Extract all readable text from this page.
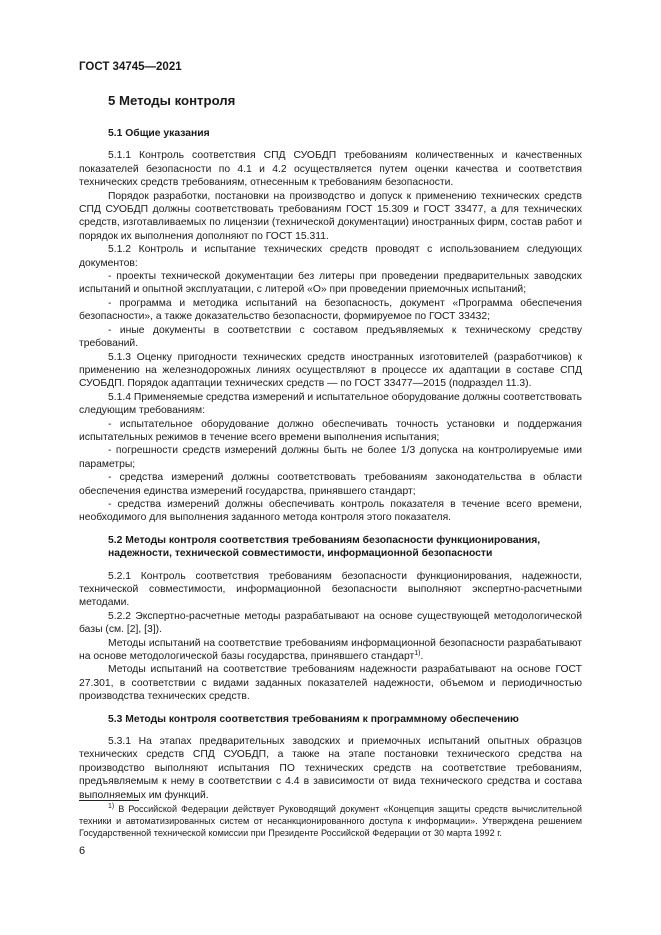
ГОСТ 34745—2021
5 Методы контроля

5.1 Общие указания

5.1.1 Контроль соответствия СПД СУОБДП требованиям количественных и качественных показателей безопасности по 4.1 и 4.2 осуществляется путем оценки качества и соответствия технических средств требованиям, отнесенным к требованиям безопасности.

Порядок разработки, постановки на производство и допуск к применению технических средств СПД СУОБДП должны соответствовать требованиям ГОСТ 15.309 и ГОСТ 33477, а для технических средств, изготавливаемых по лицензии (технической документации) иностранных фирм, состав работ и порядок их выполнения дополняют по ГОСТ 15.311.

5.1.2 Контроль и испытание технических средств проводят с использованием следующих документов:

- проекты технической документации без литеры при проведении предварительных заводских испытаний и опытной эксплуатации, с литерой «О» при проведении приемочных испытаний;

- программа и методика испытаний на безопасность, документ «Программа обеспечения безопасности», а также доказательство безопасности, формируемое по ГОСТ 33432;

- иные документы в соответствии с составом предъявляемых к техническому средству требований.

5.1.3 Оценку пригодности технических средств иностранных изготовителей (разработчиков) к применению на железнодорожных линиях осуществляют в процессе их адаптации в составе СПД СУОБДП. Порядок адаптации технических средств — по ГОСТ 33477—2015 (подраздел 11.3).

5.1.4 Применяемые средства измерений и испытательное оборудование должны соответствовать следующим требованиям:

- испытательное оборудование должно обеспечивать точность установки и поддержания испытательных режимов в течение всего времени выполнения испытания;

- погрешности средств измерений должны быть не более 1/3 допуска на контролируемые ими параметры;

- средства измерений должны соответствовать требованиям законодательства в области обеспечения единства измерений государства, принявшего стандарт;

- средства измерений должны обеспечивать контроль показателя в течение всего времени, необходимого для выполнения заданного метода контроля этого показателя.

5.2 Методы контроля соответствия требованиям безопасности функционирования, надежности, технической совместимости, информационной безопасности

5.2.1 Контроль соответствия требованиям безопасности функционирования, надежности, технической совместимости, информационной безопасности выполняют экспертно-расчетными методами.

5.2.2 Экспертно-расчетные методы разрабатывают на основе существующей методологической базы (см. [2], [3]).

Методы испытаний на соответствие требованиям информационной безопасности разрабатывают на основе методологической базы государства, принявшего стандарт$^{1)}$.

Методы испытаний на соответствие требованиям надежности разрабатывают на основе ГОСТ 27.301, в соответствии с видами заданных показателей надежности, объемом и периодичностью производства технических средств.

5.3 Методы контроля соответствия требованиям к программному обеспечению

5.3.1 На этапах предварительных заводских и приемочных испытаний опытных образцов технических средств СПД СУОБДП, а также на этапе постановки технического средства на производство выполняют испытания ПО технических средств на соответствие требованиям, предъявляемым к нему в соответствии с 4.4 в зависимости от вида технического средства и состава выполняемых им функций.

$^{1)}$ В Российской Федерации действует Руководящий документ «Концепция защиты средств вычислительной техники и автоматизированных систем от несанкционированного доступа к информации». Утверждена решением Государственной технической комиссии при Президенте Российской Федерации от 30 марта 1992 г.
6
